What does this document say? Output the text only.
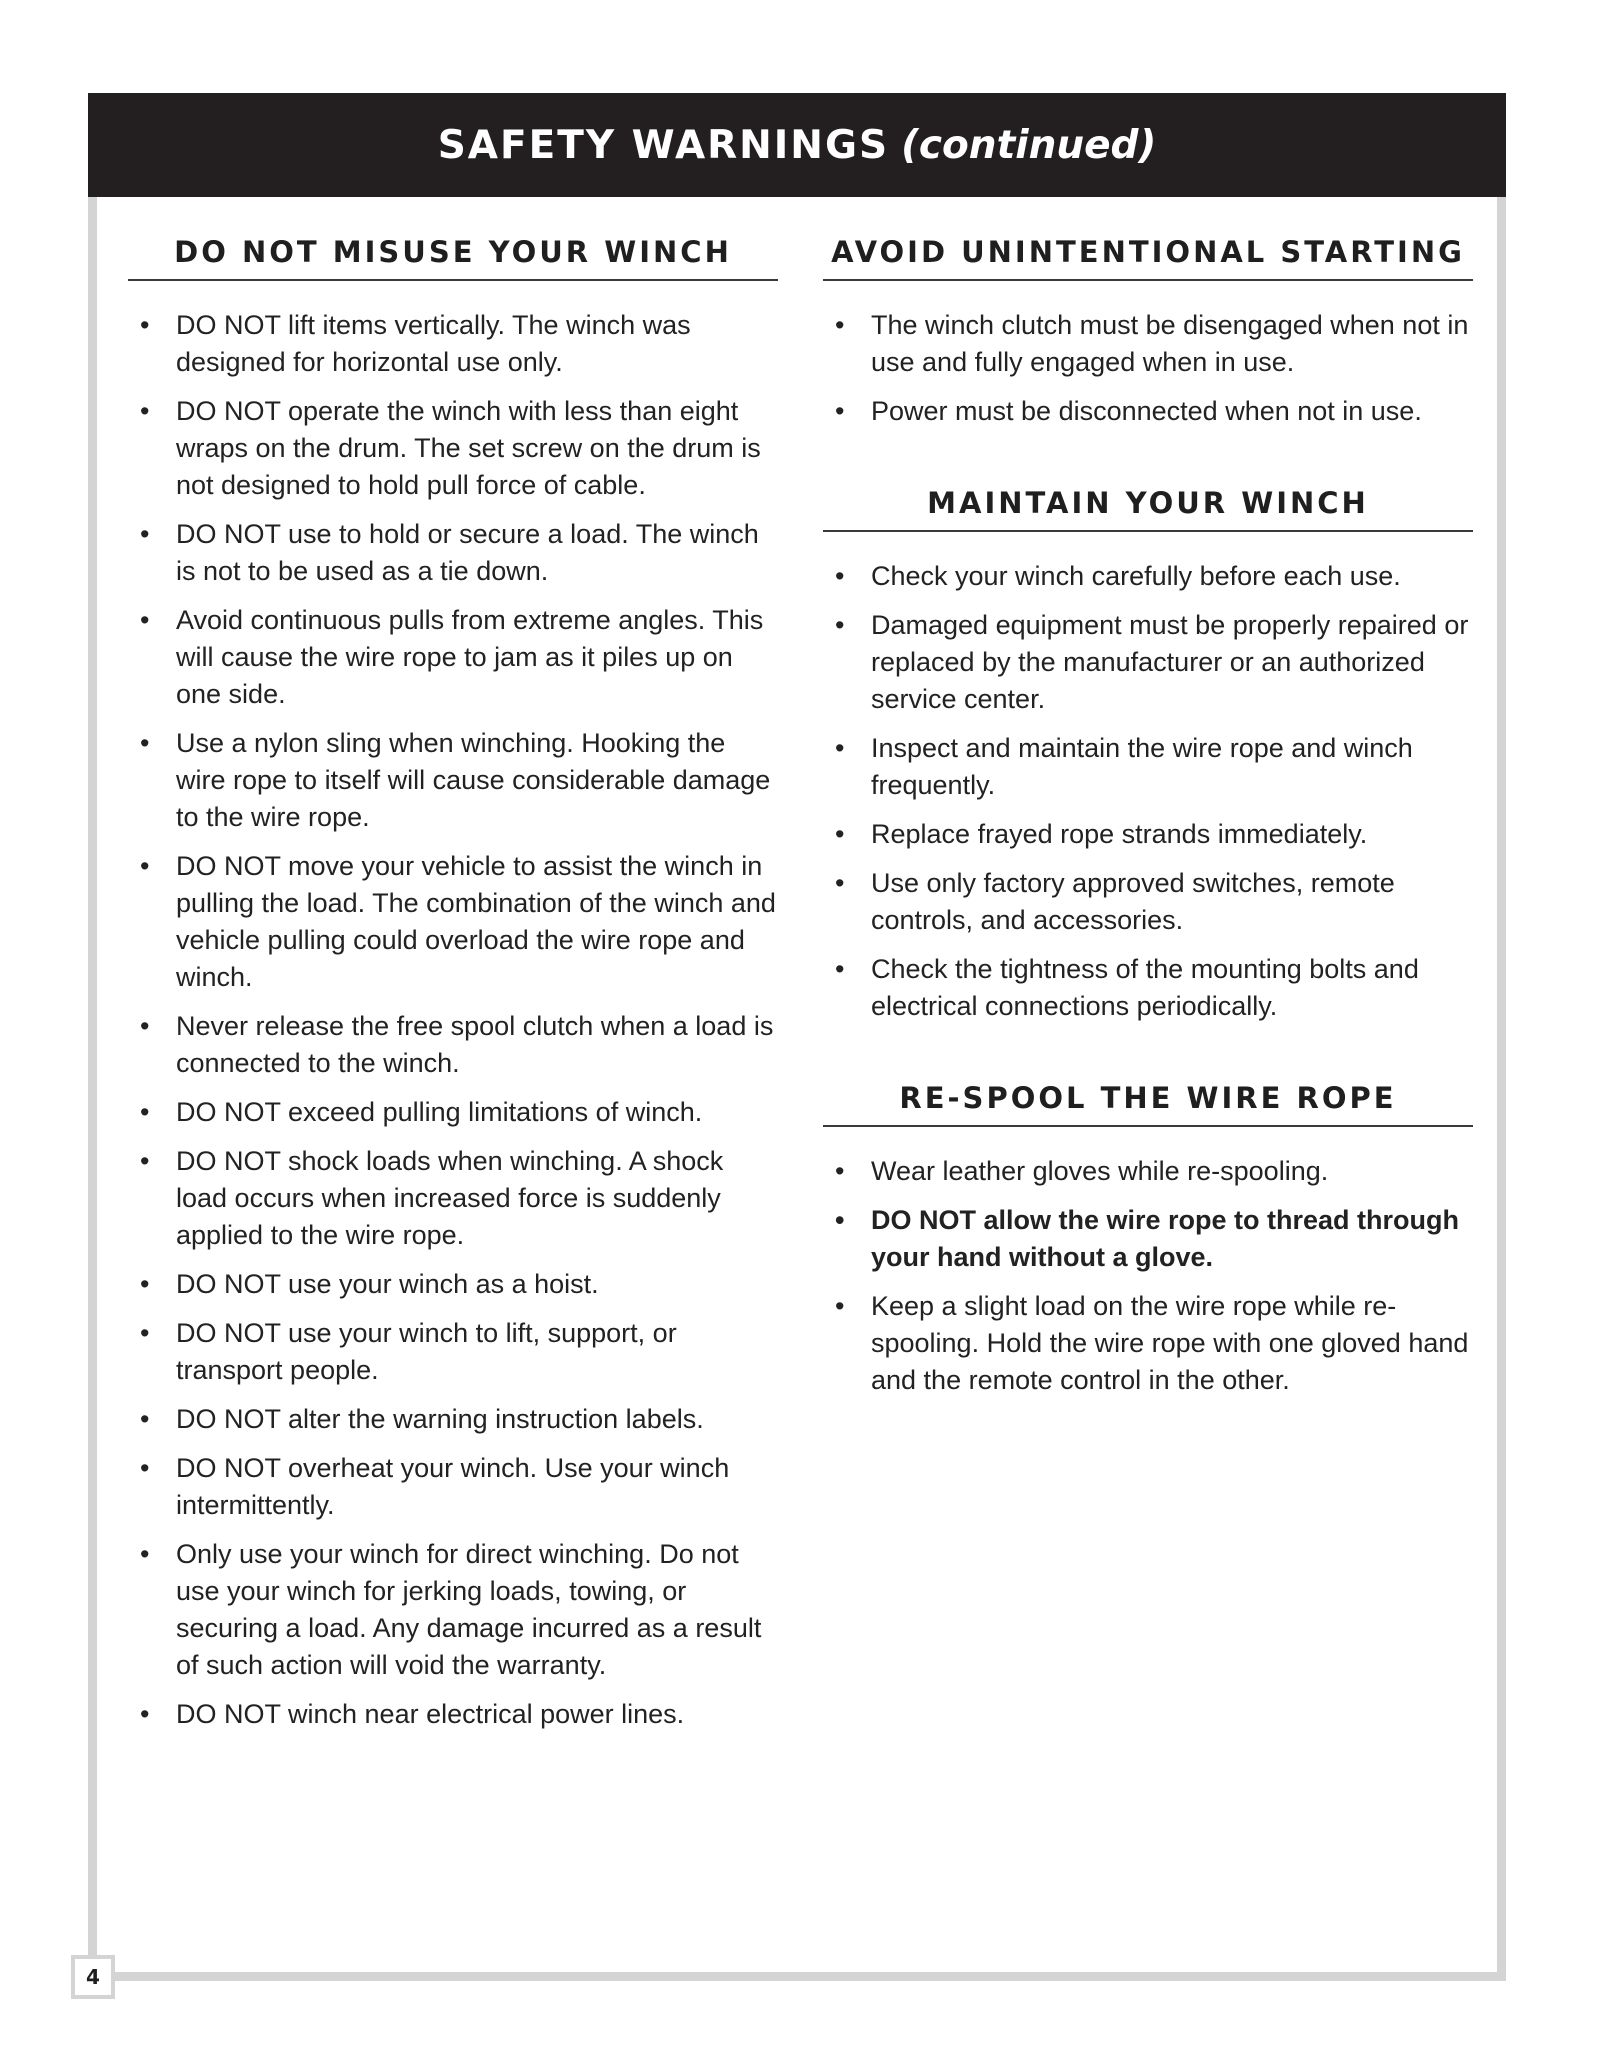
SAFETY WARNINGS (continued)
DO NOT MISUSE YOUR WINCH
• DO NOT lift items vertically. The winch was designed for horizontal use only.
• DO NOT operate the winch with less than eight wraps on the drum. The set screw on the drum is not designed to hold pull force of cable.
• DO NOT use to hold or secure a load. The winch is not to be used as a tie down.
• Avoid continuous pulls from extreme angles. This will cause the wire rope to jam as it piles up on one side.
• Use a nylon sling when winching. Hooking the wire rope to itself will cause considerable damage to the wire rope.
• DO NOT move your vehicle to assist the winch in pulling the load. The combination of the winch and vehicle pulling could overload the wire rope and winch.
• Never release the free spool clutch when a load is connected to the winch.
• DO NOT exceed pulling limitations of winch.
• DO NOT shock loads when winching. A shock load occurs when increased force is suddenly applied to the wire rope.
• DO NOT use your winch as a hoist.
• DO NOT use your winch to lift, support, or transport people.
• DO NOT alter the warning instruction labels.
• DO NOT overheat your winch. Use your winch intermittently.
• Only use your winch for direct winching. Do not use your winch for jerking loads, towing, or securing a load. Any damage incurred as a result of such action will void the warranty.
• DO NOT winch near electrical power lines.
AVOID UNINTENTIONAL STARTING
• The winch clutch must be disengaged when not in use and fully engaged when in use.
• Power must be disconnected when not in use.
MAINTAIN YOUR WINCH
• Check your winch carefully before each use.
• Damaged equipment must be properly repaired or replaced by the manufacturer or an authorized service center.
• Inspect and maintain the wire rope and winch frequently.
• Replace frayed rope strands immediately.
• Use only factory approved switches, remote controls, and accessories.
• Check the tightness of the mounting bolts and electrical connections periodically.
RE-SPOOL THE WIRE ROPE
• Wear leather gloves while re-spooling.
• DO NOT allow the wire rope to thread through your hand without a glove.
• Keep a slight load on the wire rope while re-spooling. Hold the wire rope with one gloved hand and the remote control in the other.
4
